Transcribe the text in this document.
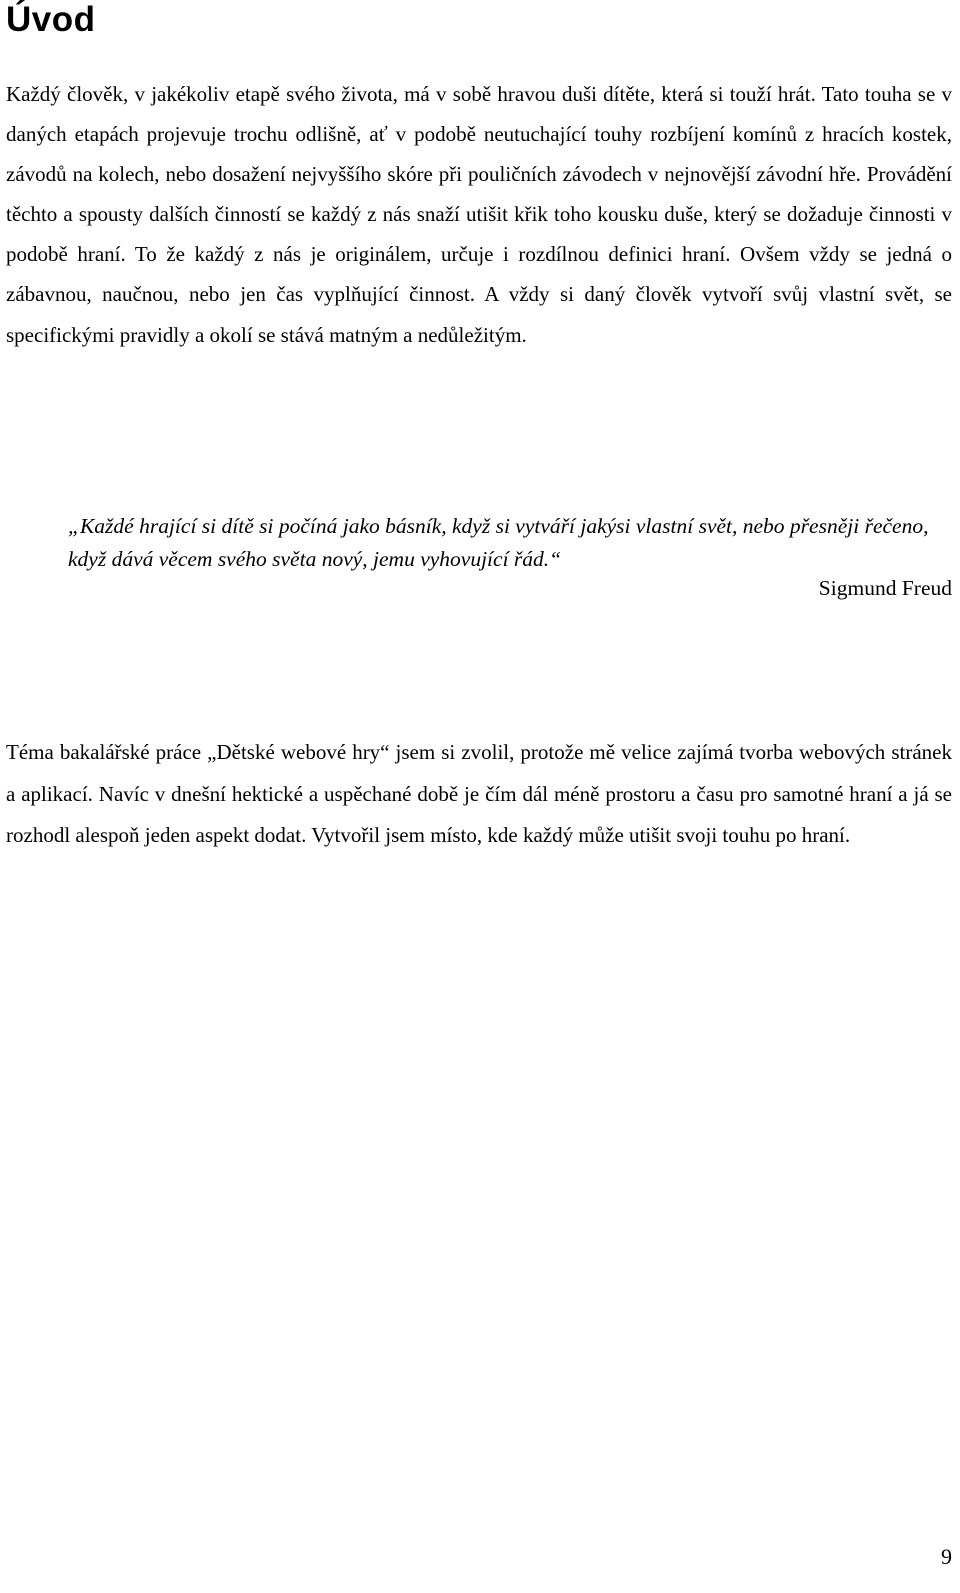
Úvod

Každý člověk, v jakékoliv etapě svého života, má v sobě hravou duši dítěte, která si touží hrát. Tato touha se v daných etapách projevuje trochu odlišně, ať v podobě neutuchající touhy rozbíjení komínů z hracích kostek, závodů na kolech, nebo dosažení nejvyššího skóre při pouličních závodech v nejnovější závodní hře. Provádění těchto a spousty dalších činností se každý z nás snaží utišit křik toho kousku duše, který se dožaduje činnosti v podobě hraní. To že každý z nás je originálem, určuje i rozdílnou definici hraní. Ovšem vždy se jedná o zábavnou, naučnou, nebo jen čas vyplňující činnost. A vždy si daný člověk vytvoří svůj vlastní svět, se specifickými pravidly a okolí se stává matným a nedůležitým.

„Každé hrající si dítě si počíná jako básník, když si vytváří jakýsi vlastní svět, nebo přesněji řečeno, když dává věcem svého světa nový, jemu vyhovující řád.“

Sigmund Freud

Téma bakalářské práce „Dětské webové hry“ jsem si zvolil, protože mě velice zajímá tvorba webových stránek a aplikací. Navíc v dnešní hektické a uspěchané době je čím dál méně prostoru a času pro samotné hraní a já se rozhodl alespoň jeden aspekt dodat. Vytvořil jsem místo, kde každý může utišit svoji touhu po hraní.

9
